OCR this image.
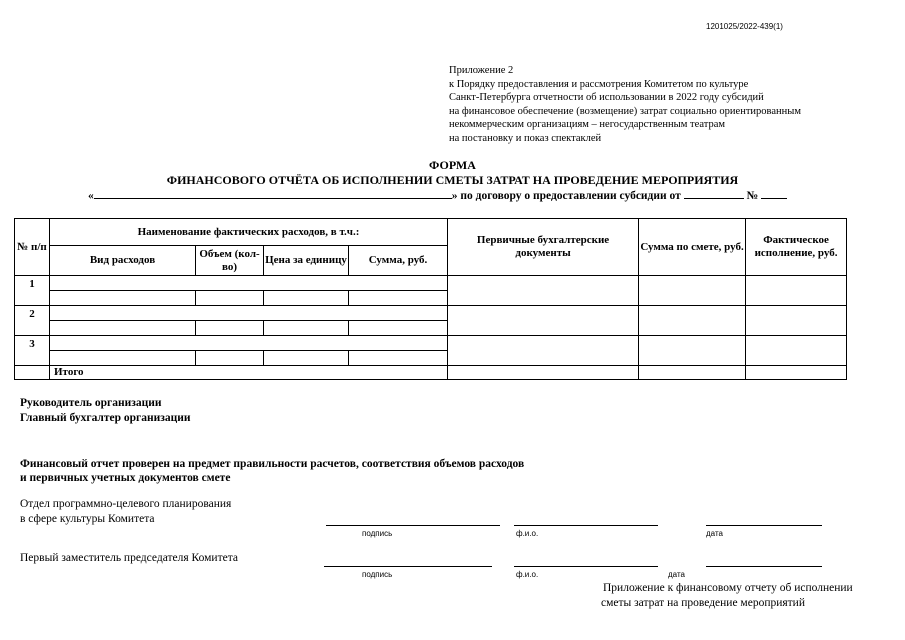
1201025/2022-439(1)
Приложение 2
к Порядку предоставления и рассмотрения Комитетом по культуре
Санкт-Петербурга отчетности об использовании в 2022 году субсидий
на финансовое обеспечение (возмещение) затрат социально ориентированным
некоммерческим организациям – негосударственным театрам
на постановку и показ спектаклей
ФОРМА
ФИНАНСОВОГО ОТЧЁТА ОБ ИСПОЛНЕНИИ СМЕТЫ ЗАТРАТ НА ПРОВЕДЕНИЕ МЕРОПРИЯТИЯ
«	» по договору о предоставлении субсидии от	№
№ п/п	Наименование фактических расходов, в т.ч.:				Первичные бухгалтерские документы	Сумма по смете, руб.	Фактическое исполнение, руб.
	Вид расходов	Объем (кол-во)	Цена за единицу	Сумма, руб.			
1							

2							

3							

	Итого						
Руководитель организации
Главный бухгалтер организации
Финансовый отчет проверен на предмет правильности расчетов, соответствия объемов расходов
и первичных учетных документов смете
Отдел программно-целевого планирования
в сфере культуры Комитета
подпись	ф.и.о.	дата
Первый заместитель председателя Комитета
подпись	ф.и.о.	дата
Приложение к финансовому отчету об исполнении
сметы затрат на проведение мероприятий
